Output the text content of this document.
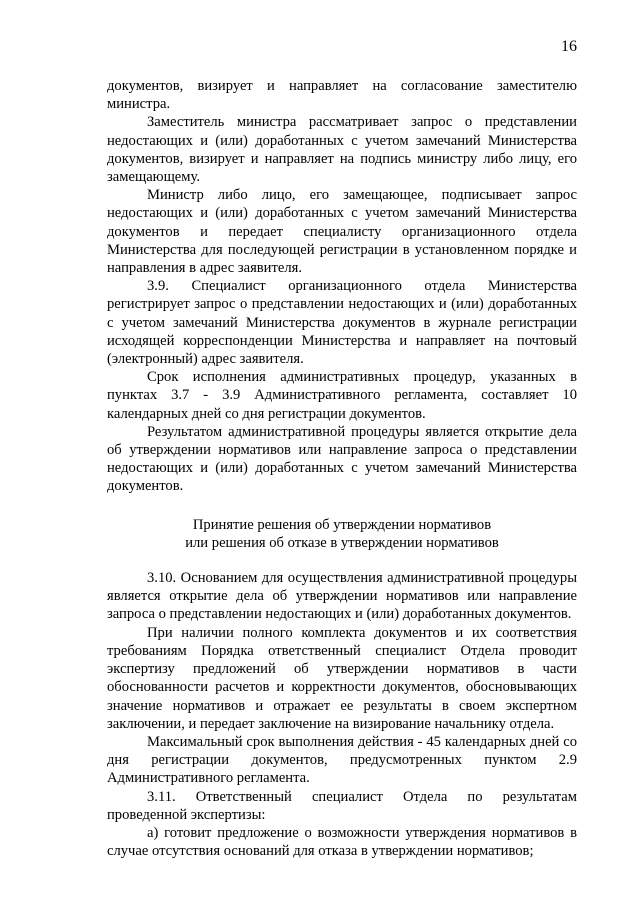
16

документов, визирует и направляет на согласование заместителю министра.

Заместитель министра рассматривает запрос о представлении недостающих и (или) доработанных с учетом замечаний Министерства документов, визирует и направляет на подпись министру либо лицу, его замещающему.

Министр либо лицо, его замещающее, подписывает запрос недостающих и (или) доработанных с учетом замечаний Министерства документов и передает специалисту организационного отдела Министерства для последующей регистрации в установленном порядке и направления в адрес заявителя.

3.9. Специалист организационного отдела Министерства регистрирует запрос о представлении недостающих и (или) доработанных с учетом замечаний Министерства документов в журнале регистрации исходящей корреспонденции Министерства и направляет на почтовый (электронный) адрес заявителя.

Срок исполнения административных процедур, указанных в пунктах 3.7 - 3.9 Административного регламента, составляет 10 календарных дней со дня регистрации документов.

Результатом административной процедуры является открытие дела об утверждении нормативов или направление запроса о представлении недостающих и (или) доработанных с учетом замечаний Министерства документов.

Принятие решения об утверждении нормативов
или решения об отказе в утверждении нормативов

3.10. Основанием для осуществления административной процедуры является открытие дела об утверждении нормативов или направление запроса о представлении недостающих и (или) доработанных документов.

При наличии полного комплекта документов и их соответствия требованиям Порядка ответственный специалист Отдела проводит экспертизу предложений об утверждении нормативов в части обоснованности расчетов и корректности документов, обосновывающих значение нормативов и отражает ее результаты в своем экспертном заключении, и передает заключение на визирование начальнику отдела.

Максимальный срок выполнения действия - 45 календарных дней со дня регистрации документов, предусмотренных пунктом 2.9 Административного регламента.

3.11. Ответственный специалист Отдела по результатам проведенной экспертизы:

а) готовит предложение о возможности утверждения нормативов в случае отсутствия оснований для отказа в утверждении нормативов;
